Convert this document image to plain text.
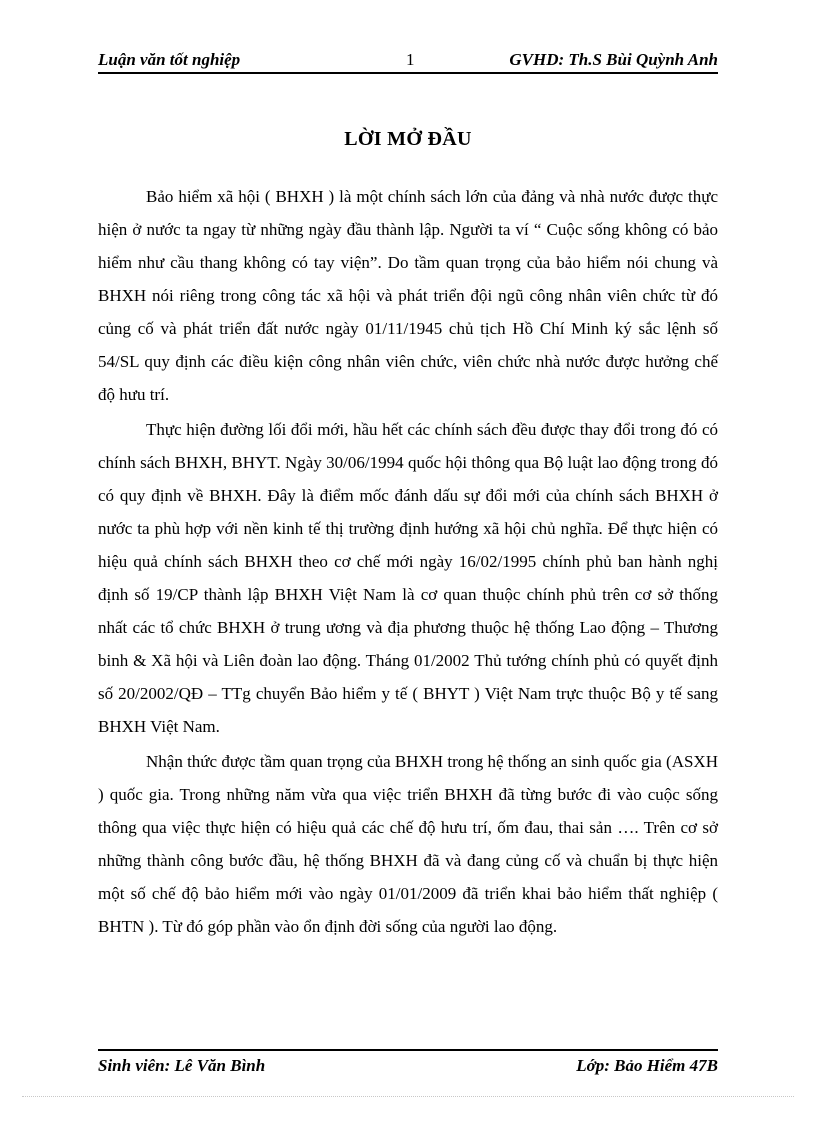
Luận văn tốt nghiệp	1	GVHD: Th.S Bùi Quỳnh Anh
LỜI MỞ ĐẦU

Bảo hiểm xã hội ( BHXH ) là một chính sách lớn của đảng và nhà nước được thực hiện ở nước ta ngay từ những ngày đầu thành lập. Người ta ví “ Cuộc sống không có bảo hiểm như cầu thang không có tay viện”. Do tầm quan trọng của bảo hiểm nói chung và BHXH nói riêng trong công tác xã hội và phát triển đội ngũ công nhân viên chức từ đó củng cố và phát triển đất nước ngày 01/11/1945 chủ tịch Hồ Chí Minh ký sắc lệnh số 54/SL quy định các điều kiện công nhân viên chức, viên chức nhà nước được hưởng chế độ hưu trí.

Thực hiện đường lối đổi mới, hầu hết các chính sách đều được thay đổi trong đó có chính sách BHXH, BHYT. Ngày 30/06/1994 quốc hội thông qua Bộ luật lao động trong đó có quy định về BHXH. Đây là điểm mốc đánh dấu sự đổi mới của chính sách BHXH ở nước ta phù hợp với nền kinh tế thị trường định hướng xã hội chủ nghĩa. Để thực hiện có hiệu quả chính sách BHXH theo cơ chế mới ngày 16/02/1995 chính phủ ban hành nghị định số 19/CP thành lập BHXH Việt Nam là cơ quan thuộc chính phủ trên cơ sở thống nhất các tổ chức BHXH ở trung ương và địa phương thuộc hệ thống Lao động – Thương binh & Xã hội và Liên đoàn lao động. Tháng 01/2002 Thủ tướng chính phủ có quyết định số 20/2002/QĐ – TTg chuyển Bảo hiểm y tế ( BHYT ) Việt Nam trực thuộc Bộ y tế sang BHXH Việt Nam.

Nhận thức được tầm quan trọng của BHXH trong hệ thống an sinh quốc gia (ASXH ) quốc gia. Trong những năm vừa qua việc triển BHXH đã từng bước đi vào cuộc sống thông qua việc thực hiện có hiệu quả các chế độ hưu trí, ốm đau, thai sản …. Trên cơ sở những thành công bước đầu, hệ thống BHXH đã và đang củng cố và chuẩn bị thực hiện một số chế độ bảo hiểm mới vào ngày 01/01/2009 đã triển khai bảo hiểm thất nghiệp ( BHTN ). Từ đó góp phần vào ổn định đời sống của người lao động.

Sinh viên: Lê Văn Bình	Lớp: Bảo Hiểm 47B
